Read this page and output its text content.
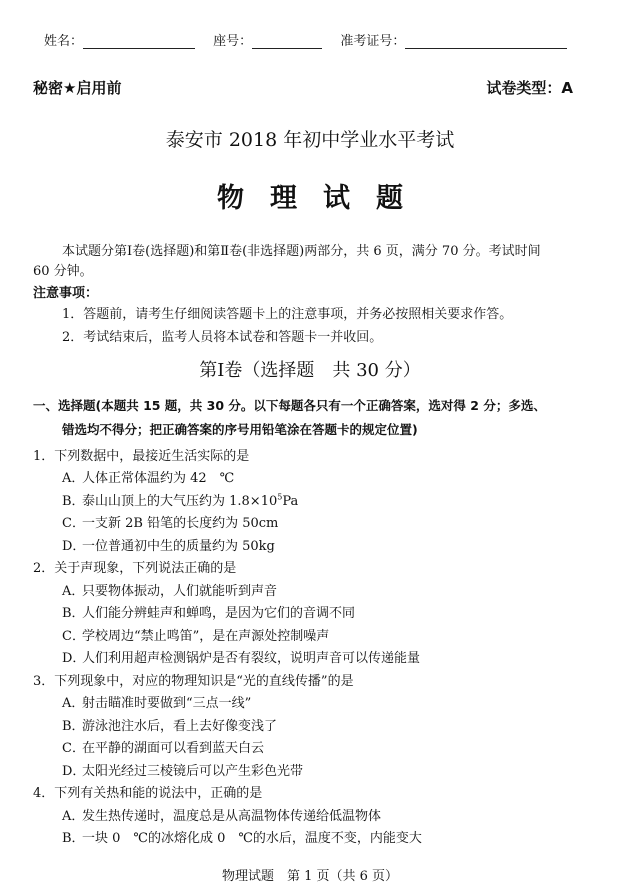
姓名：	座号：	准考证号：
秘密★启用前	试卷类型：A
泰安市 2018 年初中学业水平考试
物理试题
本试题分第Ⅰ卷(选择题)和第Ⅱ卷(非选择题)两部分，共 6 页，满分 70 分。考试时间
60 分钟。
注意事项：
1．答题前，请考生仔细阅读答题卡上的注意事项，并务必按照相关要求作答。
2．考试结束后，监考人员将本试卷和答题卡一并收回。
第Ⅰ卷（选择题　共 30 分）
一、选择题(本题共 15 题，共 30 分。以下每题各只有一个正确答案，选对得 2 分；多选、
错选均不得分；把正确答案的序号用铅笔涂在答题卡的规定位置)
1．下列数据中，最接近生活实际的是
A．人体正常体温约为 42　℃
B．泰山山顶上的大气压约为 $1.8\times 10^5Pa$
C．一支新 2B 铅笔的长度约为 50cm
D．一位普通初中生的质量约为 50kg
2．关于声现象，下列说法正确的是
A．只要物体振动，人们就能听到声音
B．人们能分辨蛙声和蝉鸣，是因为它们的音调不同
C．学校周边“禁止鸣笛”，是在声源处控制噪声
D．人们利用超声检测锅炉是否有裂纹，说明声音可以传递能量
3．下列现象中，对应的物理知识是“光的直线传播”的是
A．射击瞄准时要做到“三点一线”
B．游泳池注水后，看上去好像变浅了
C．在平静的湖面可以看到蓝天白云
D．太阳光经过三棱镜后可以产生彩色光带
4．下列有关热和能的说法中，正确的是
A．发生热传递时，温度总是从高温物体传递给低温物体
B．一块 0　℃的冰熔化成 0　℃的水后，温度不变，内能变大
物理试题　第 1 页（共 6 页）
